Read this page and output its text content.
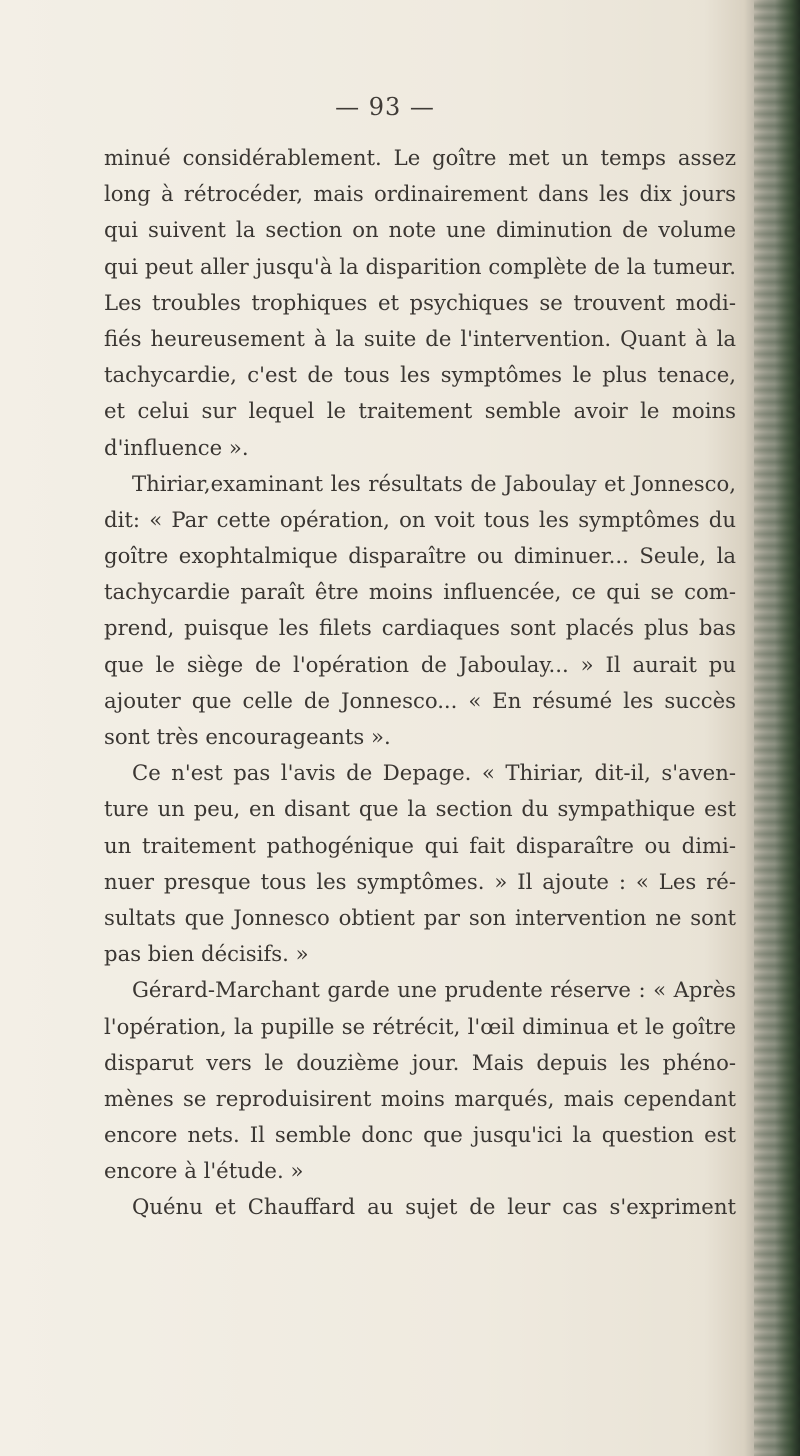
— 93 —
minué considérablement. Le goître met un temps assez
long à rétrocéder, mais ordinairement dans les dix jours
qui suivent la section on note une diminution de volume
qui peut aller jusqu'à la disparition complète de la tumeur.
Les troubles trophiques et psychiques se trouvent modi-
fiés heureusement à la suite de l'intervention. Quant à la
tachycardie, c'est de tous les symptômes le plus tenace,
et celui sur lequel le traitement semble avoir le moins
d'influence ».
Thiriar,examinant les résultats de Jaboulay et Jonnesco,
dit: « Par cette opération, on voit tous les symptômes du
goître exophtalmique disparaître ou diminuer... Seule, la
tachycardie paraît être moins influencée, ce qui se com-
prend, puisque les filets cardiaques sont placés plus bas
que le siège de l'opération de Jaboulay... » Il aurait pu
ajouter que celle de Jonnesco... « En résumé les succès
sont très encourageants ».
Ce n'est pas l'avis de Depage. « Thiriar, dit-il, s'aven-
ture un peu, en disant que la section du sympathique est
un traitement pathogénique qui fait disparaître ou dimi-
nuer presque tous les symptômes. » Il ajoute : « Les ré-
sultats que Jonnesco obtient par son intervention ne sont
pas bien décisifs. »
Gérard-Marchant garde une prudente réserve : « Après
l'opération, la pupille se rétrécit, l'œil diminua et le goître
disparut vers le douzième jour. Mais depuis les phéno-
mènes se reproduisirent moins marqués, mais cependant
encore nets. Il semble donc que jusqu'ici la question est
encore à l'étude. »
Quénu et Chauffard au sujet de leur cas s'expriment
